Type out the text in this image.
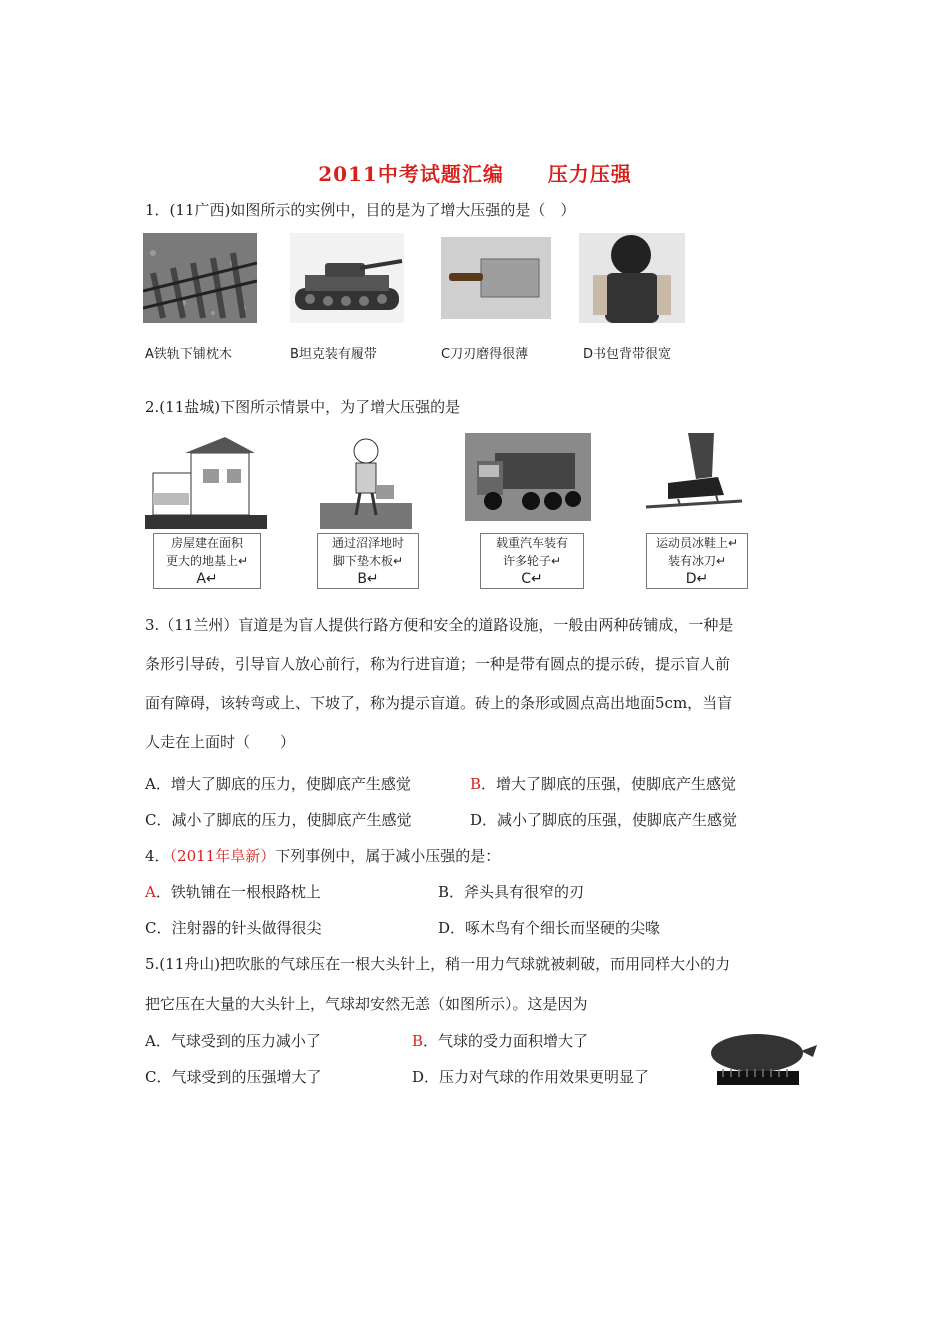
2011中考试题汇编 压力压强
1．(11广西)如图所示的实例中，目的是为了增大压强的是（　）
A铁轨下铺枕木	B坦克装有履带	C刀刃磨得很薄	D书包背带很宽
2.(11盐城)下图所示情景中，为了增大压强的是
房屋建在面积
更大的地基上↵
A↵
通过沼泽地时
脚下垫木板↵
B↵
载重汽车装有
许多轮子↵
C↵
运动员冰鞋上↵
装有冰刀↵
D↵
3.（11兰州）盲道是为盲人提供行路方便和安全的道路设施，一般由两种砖铺成，一种是
条形引导砖，引导盲人放心前行，称为行进盲道；一种是带有圆点的提示砖，提示盲人前
面有障碍，该转弯或上、下坡了，称为提示盲道。砖上的条形或圆点高出地面5cm，当盲
人走在上面时（　　）
A．增大了脚底的压力，使脚底产生感觉	B．增大了脚底的压强，使脚底产生感觉
C．减小了脚底的压力，使脚底产生感觉	D．减小了脚底的压强，使脚底产生感觉
4．（2011年阜新）下列事例中，属于减小压强的是：
A．铁轨铺在一根根路枕上	B．斧头具有很窄的刃
C．注射器的针头做得很尖	D．啄木鸟有个细长而坚硬的尖喙
5.(11舟山)把吹胀的气球压在一根大头针上，稍一用力气球就被刺破，而用同样大小的力
把它压在大量的大头针上，气球却安然无恙（如图所示）。这是因为
A．气球受到的压力减小了	B．气球的受力面积增大了
C．气球受到的压强增大了	D．压力对气球的作用效果更明显了
